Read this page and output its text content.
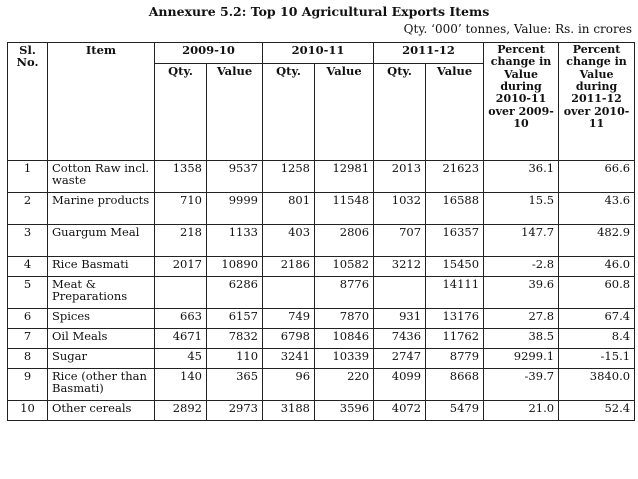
Annexure 5.2: Top 10 Agricultural Exports Items
Qty. ‘000’ tonnes, Value: Rs. in crores
Sl. No.	Item	2009-10		2010-11		2011-12		Percent change in Value during 2010-11 over 2009-10	Percent change in Value during 2011-12 over 2010-11
		Qty.	Value	Qty.	Value	Qty.	Value		
1	Cotton Raw incl. waste	1358	9537	1258	12981	2013	21623	36.1	66.6
2	Marine products	710	9999	801	11548	1032	16588	15.5	43.6
3	Guargum Meal	218	1133	403	2806	707	16357	147.7	482.9
4	Rice Basmati	2017	10890	2186	10582	3212	15450	-2.8	46.0
5	Meat & Preparations		6286		8776		14111	39.6	60.8
6	Spices	663	6157	749	7870	931	13176	27.8	67.4
7	Oil Meals	4671	7832	6798	10846	7436	11762	38.5	8.4
8	Sugar	45	110	3241	10339	2747	8779	9299.1	-15.1
9	Rice (other than Basmati)	140	365	96	220	4099	8668	-39.7	3840.0
10	Other cereals	2892	2973	3188	3596	4072	5479	21.0	52.4
